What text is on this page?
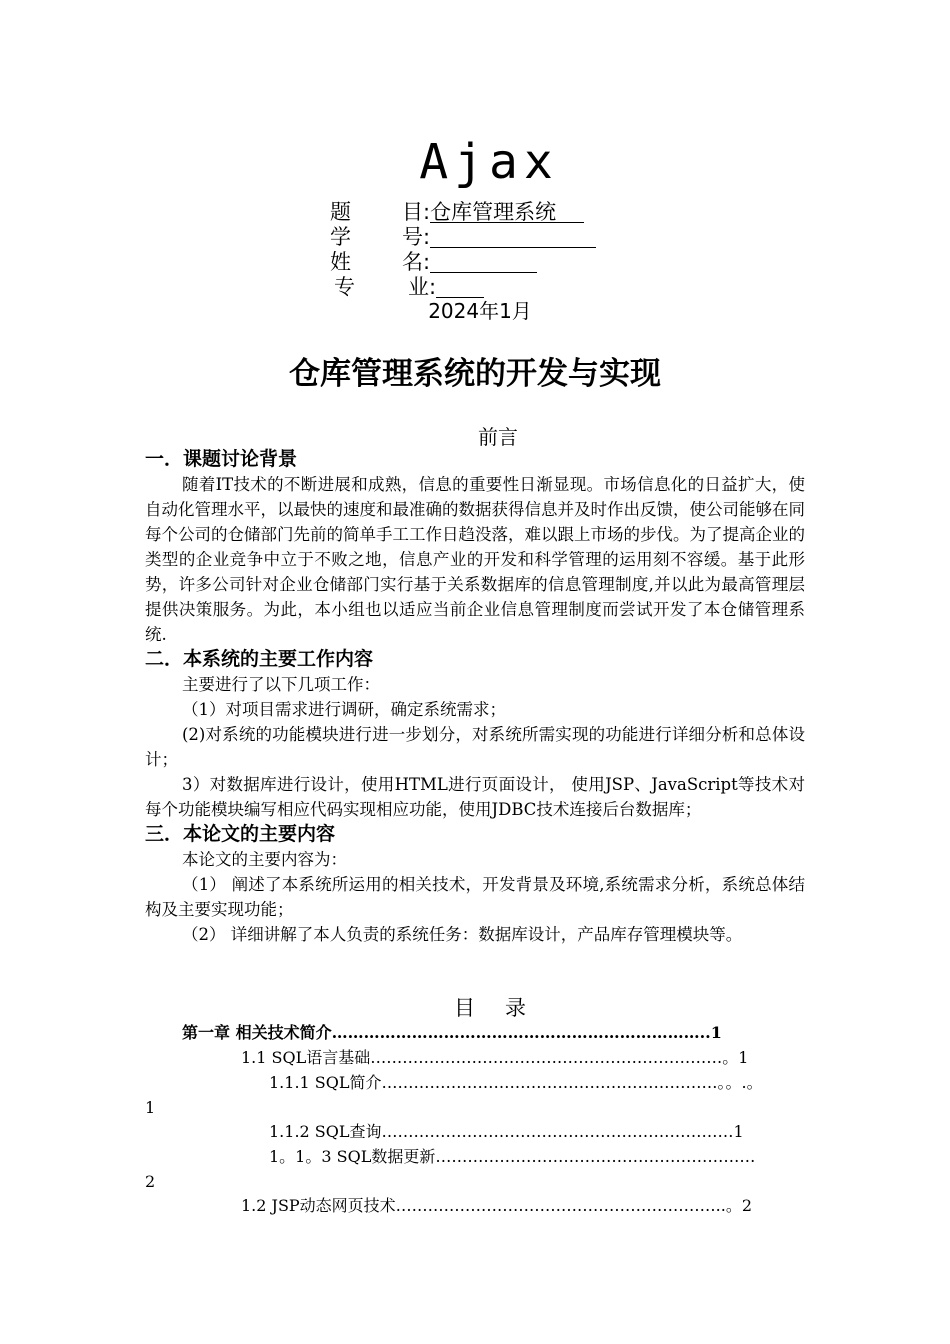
Ajax
题 目:仓库管理系统
学 号:
姓 名:
专	业:
2024年1月
仓库管理系统的开发与实现
前言
一．课题讨论背景

随着IT技术的不断进展和成熟，信息的重要性日渐显现。市场信息化的日益扩大，使自动化管理水平，以最快的速度和最准确的数据获得信息并及时作出反馈，使公司能够在同每个公司的仓储部门先前的简单手工工作日趋没落，难以跟上市场的步伐。为了提高企业的类型的企业竞争中立于不败之地，信息产业的开发和科学管理的运用刻不容缓。基于此形势，许多公司针对企业仓储部门实行基于关系数据库的信息管理制度,并以此为最高管理层提供决策服务。为此，本小组也以适应当前企业信息管理制度而尝试开发了本仓储管理系统.

二．本系统的主要工作内容

主要进行了以下几项工作：

（1）对项目需求进行调研，确定系统需求；

(2)对系统的功能模块进行进一步划分，对系统所需实现的功能进行详细分析和总体设计；

3）对数据库进行设计，使用HTML进行页面设计， 使用JSP、JavaScript等技术对每个功能模块编写相应代码实现相应功能，使用JDBC技术连接后台数据库；

三．本论文的主要内容

本论文的主要内容为：

（1） 阐述了本系统所运用的相关技术，开发背景及环境,系统需求分析，系统总体结构及主要实现功能；

（2） 详细讲解了本人负责的系统任务：数据库设计，产品库存管理模块等。

目录
第一章 相关技术简介……………………………………………………………..1
1.1 SQL语言基础…………………………………………………………。1
1.1.1 SQL简介………………………………………………………。。.。
1
1.1.2 SQL查询…………………………………………………………1
1。1。3 SQL数据更新……………………………………………………
2
1.2 JSP动态网页技术……………………………………………………..。2
